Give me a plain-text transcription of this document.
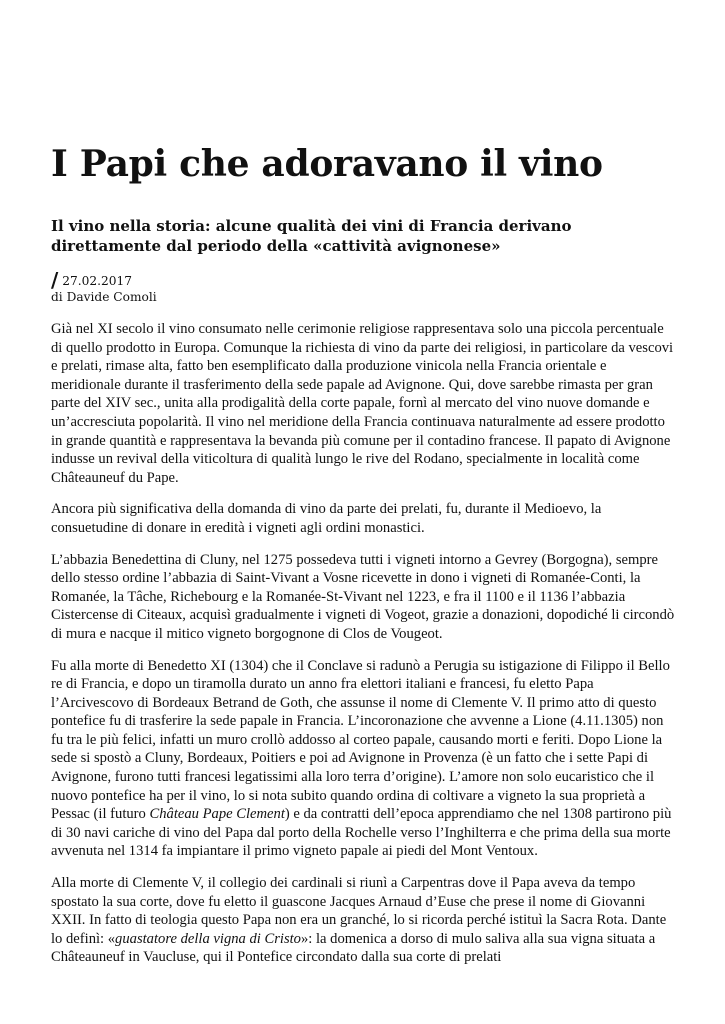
I Papi che adoravano il vino
Il vino nella storia: alcune qualità dei vini di Francia derivano direttamente dal periodo della «cattività avignonese»
/ 27.02.2017
di Davide Comoli

Già nel XI secolo il vino consumato nelle cerimonie religiose rappresentava solo una piccola percentuale di quello prodotto in Europa. Comunque la richiesta di vino da parte dei religiosi, in particolare da vescovi e prelati, rimase alta, fatto ben esemplificato dalla produzione vinicola nella Francia orientale e meridionale durante il trasferimento della sede papale ad Avignone. Qui, dove sarebbe rimasta per gran parte del XIV sec., unita alla prodigalità della corte papale, fornì al mercato del vino nuove domande e un’accresciuta popolarità. Il vino nel meridione della Francia continuava naturalmente ad essere prodotto in grande quantità e rappresentava la bevanda più comune per il contadino francese. Il papato di Avignone indusse un revival della viticoltura di qualità lungo le rive del Rodano, specialmente in località come Châteauneuf du Pape.

Ancora più significativa della domanda di vino da parte dei prelati, fu, durante il Medioevo, la consuetudine di donare in eredità i vigneti agli ordini monastici.

L’abbazia Benedettina di Cluny, nel 1275 possedeva tutti i vigneti intorno a Gevrey (Borgogna), sempre dello stesso ordine l’abbazia di Saint-Vivant a Vosne ricevette in dono i vigneti di Romanée-Conti, la Romanée, la Tâche, Richebourg e la Romanée-St-Vivant nel 1223, e fra il 1100 e il 1136 l’abbazia Cistercense di Citeaux, acquisì gradualmente i vigneti di Vogeot, grazie a donazioni, dopodiché li circondò di mura e nacque il mitico vigneto borgognone di Clos de Vougeot.

Fu alla morte di Benedetto XI (1304) che il Conclave si radunò a Perugia su istigazione di Filippo il Bello re di Francia, e dopo un tiramolla durato un anno fra elettori italiani e francesi, fu eletto Papa l’Arcivescovo di Bordeaux Betrand de Goth, che assunse il nome di Clemente V. Il primo atto di questo pontefice fu di trasferire la sede papale in Francia. L’incoronazione che avvenne a Lione (4.11.1305) non fu tra le più felici, infatti un muro crollò addosso al corteo papale, causando morti e feriti. Dopo Lione la sede si spostò a Cluny, Bordeaux, Poitiers e poi ad Avignone in Provenza (è un fatto che i sette Papi di Avignone, furono tutti francesi legatissimi alla loro terra d’origine). L’amore non solo eucaristico che il nuovo pontefice ha per il vino, lo si nota subito quando ordina di coltivare a vigneto la sua proprietà a Pessac (il futuro Château Pape Clement) e da contratti dell’epoca apprendiamo che nel 1308 partirono più di 30 navi cariche di vino del Papa dal porto della Rochelle verso l’Inghilterra e che prima della sua morte avvenuta nel 1314 fa impiantare il primo vigneto papale ai piedi del Mont Ventoux.

Alla morte di Clemente V, il collegio dei cardinali si riunì a Carpentras dove il Papa aveva da tempo spostato la sua corte, dove fu eletto il guascone Jacques Arnaud d’Euse che prese il nome di Giovanni XXII. In fatto di teologia questo Papa non era un granché, lo si ricorda perché istituì la Sacra Rota. Dante lo definì: «guastatore della vigna di Cristo»: la domenica a dorso di mulo saliva alla sua vigna situata a Châteauneuf in Vaucluse, qui il Pontefice circondato dalla sua corte di prelati
